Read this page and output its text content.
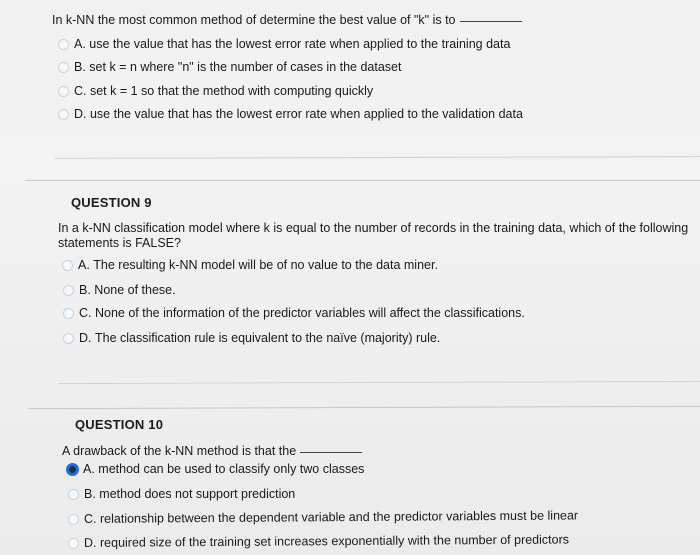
In k-NN the most common method of determine the best value of "k" is to
A.
use the value that has the lowest error rate when applied to the training data
B.
set k = n where "n" is the number of cases in the dataset
C.
set k = 1 so that the method with computing quickly
D.
use the value that has the lowest error rate when applied to the validation data
QUESTION 9
In a k-NN classification model where k is equal to the number of records in the training data, which of the following
statements is FALSE?
A.
The resulting k-NN model will be of no value to the data miner.
B.
None of these.
C.
None of the information of the predictor variables will affect the classifications.
D.
The classification rule is equivalent to the naïve (majority) rule.
QUESTION 10
A drawback of the k-NN method is that the
A.
method can be used to classify only two classes
B.
method does not support prediction
C.
relationship between the dependent variable and the predictor variables must be linear
D.
required size of the training set increases exponentially with the number of predictors
